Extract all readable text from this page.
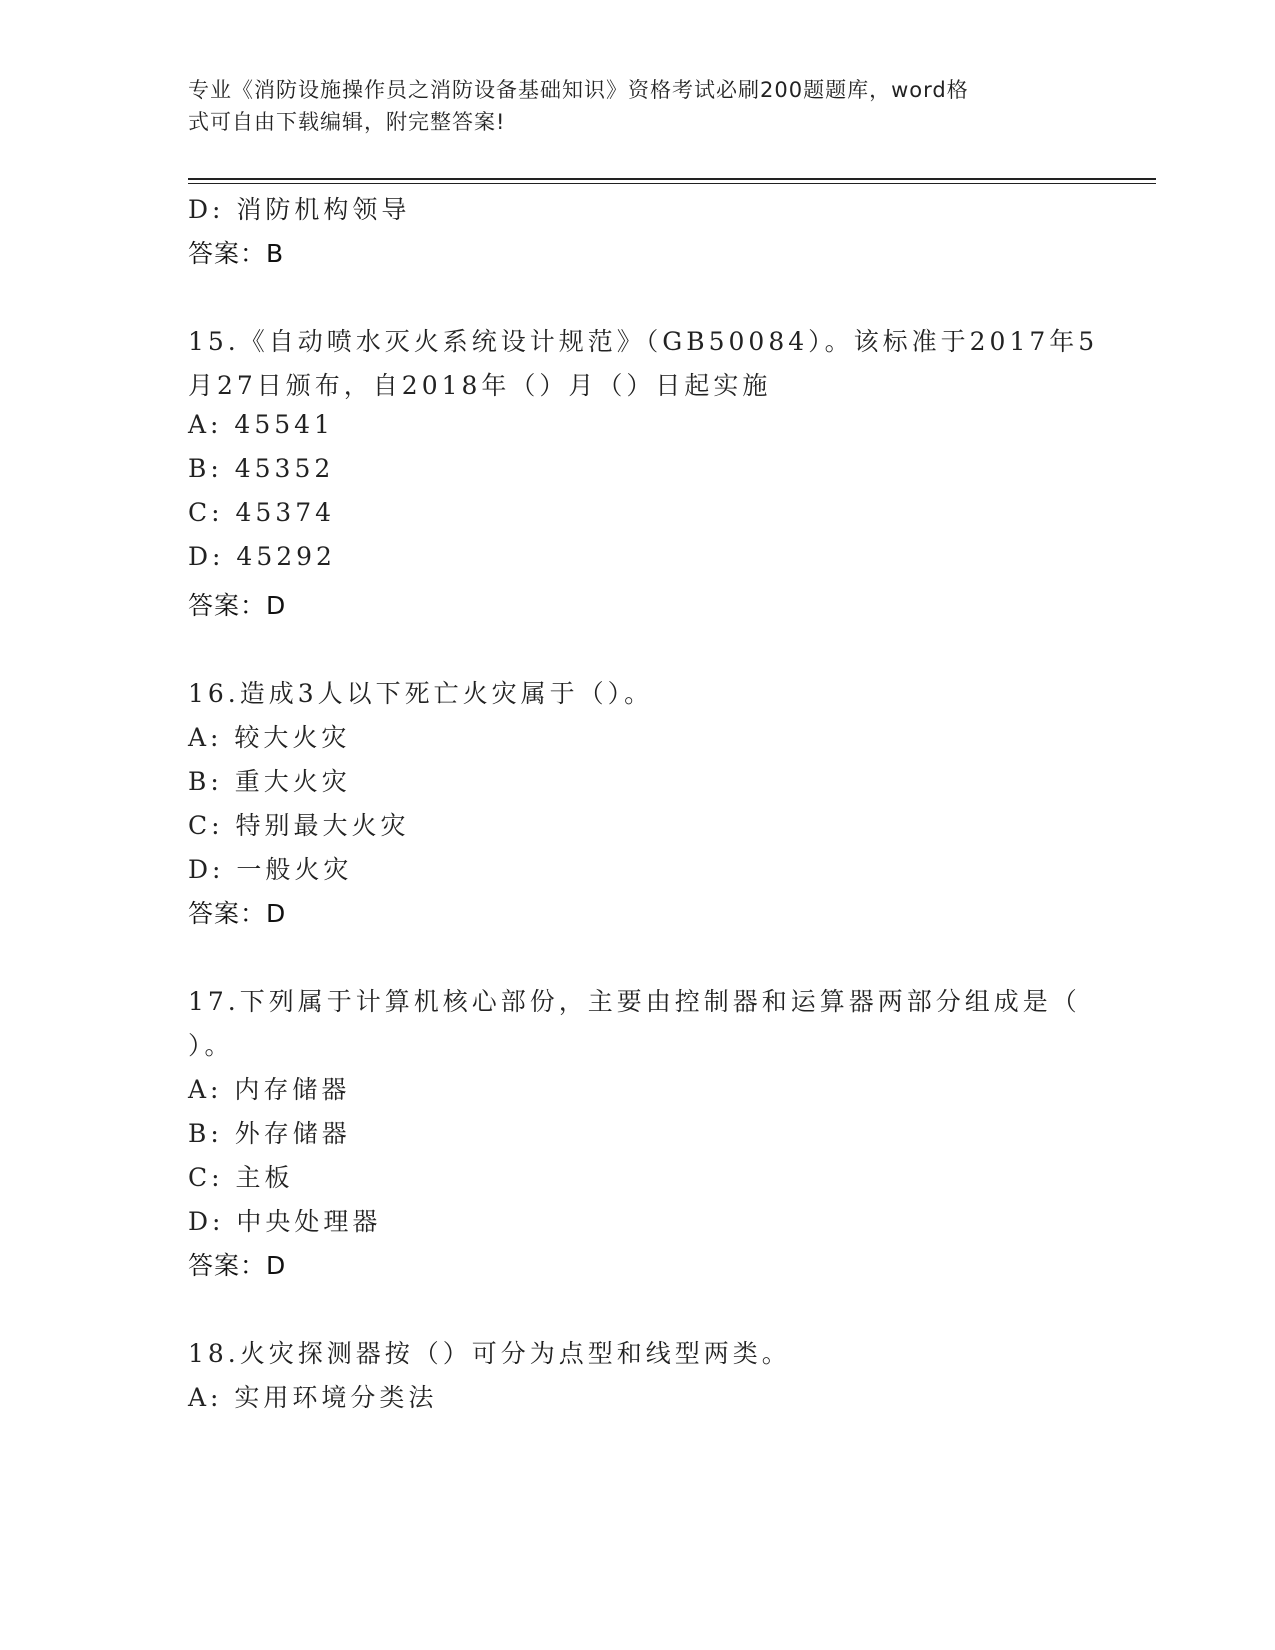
专业《消防设施操作员之消防设备基础知识》资格考试必刷200题题库，word格
式可自由下载编辑，附完整答案!
D: 消防机构领导
答案：B
15.《自动喷水灭火系统设计规范》（GB50084）。该标准于2017年5
月27日颁布，自2018年（）月（）日起实施
A: 45541
B: 45352
C: 45374
D: 45292
答案：D
16.造成3人以下死亡火灾属于（）。
A: 较大火灾
B: 重大火灾
C: 特别最大火灾
D: 一般火灾
答案：D
17.下列属于计算机核心部份，主要由控制器和运算器两部分组成是（
）。
A: 内存储器
B: 外存储器
C: 主板
D: 中央处理器
答案：D
18.火灾探测器按（）可分为点型和线型两类。
A: 实用环境分类法
